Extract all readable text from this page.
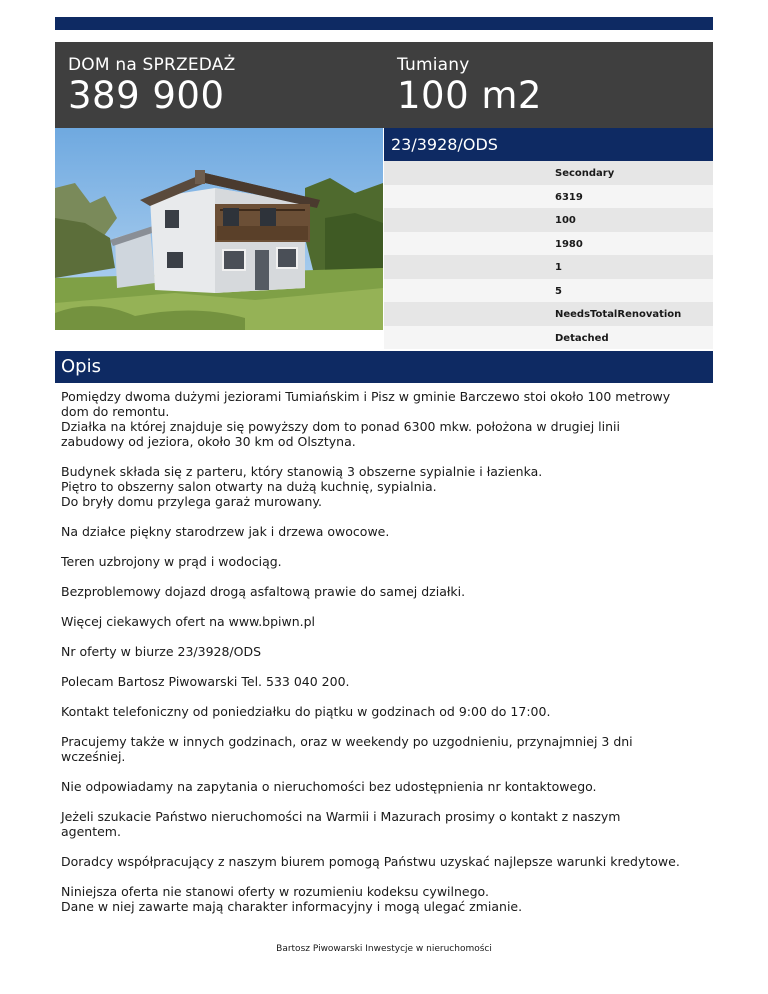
DOM na SPRZEDAŻ
389 900
Tumiany
100 m2
23/3928/ODS
Secondary
6319
100
1980
1
5
NeedsTotalRenovation
Detached
Opis

Pomiędzy dwoma dużymi jeziorami Tumiańskim i Pisz w gminie Barczewo stoi około 100 metrowy
dom do remontu.
Działka na której znajduje się powyższy dom to ponad 6300 mkw. położona w drugiej linii
zabudowy od jeziora, około 30 km od Olsztyna.

Budynek składa się z parteru, który stanowią 3 obszerne sypialnie i łazienka.
Piętro to obszerny salon otwarty na dużą kuchnię, sypialnia.
Do bryły domu przylega garaż murowany.

Na działce piękny starodrzew jak i drzewa owocowe.

Teren uzbrojony w prąd i wodociąg.

Bezproblemowy dojazd drogą asfaltową prawie do samej działki.

Więcej ciekawych ofert na www.bpiwn.pl

Nr oferty w biurze 23/3928/ODS

Polecam Bartosz Piwowarski Tel. 533 040 200.

Kontakt telefoniczny od poniedziałku do piątku w godzinach od 9:00 do 17:00.

Pracujemy także w innych godzinach, oraz w weekendy po uzgodnieniu, przynajmniej 3 dni
wcześniej.

Nie odpowiadamy na zapytania o nieruchomości bez udostępnienia nr kontaktowego.

Jeżeli szukacie Państwo nieruchomości na Warmii i Mazurach prosimy o kontakt z naszym
agentem.

Doradcy współpracujący z naszym biurem pomogą Państwu uzyskać najlepsze warunki kredytowe.

Niniejsza oferta nie stanowi oferty w rozumieniu kodeksu cywilnego.
Dane w niej zawarte mają charakter informacyjny i mogą ulegać zmianie.

Bartosz Piwowarski Inwestycje w nieruchomości
